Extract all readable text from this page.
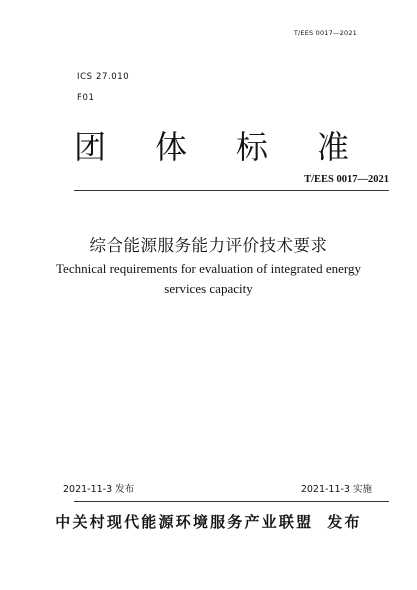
T/EES 0017—2021
ICS 27.010
F01
团 体 标 准
T/EES 0017—2021
综合能源服务能力评价技术要求
Technical requirements for evaluation of integrated energy
services capacity
2021-11-3 发布	2021-11-3 实施
中关村现代能源环境服务产业联盟 发布
